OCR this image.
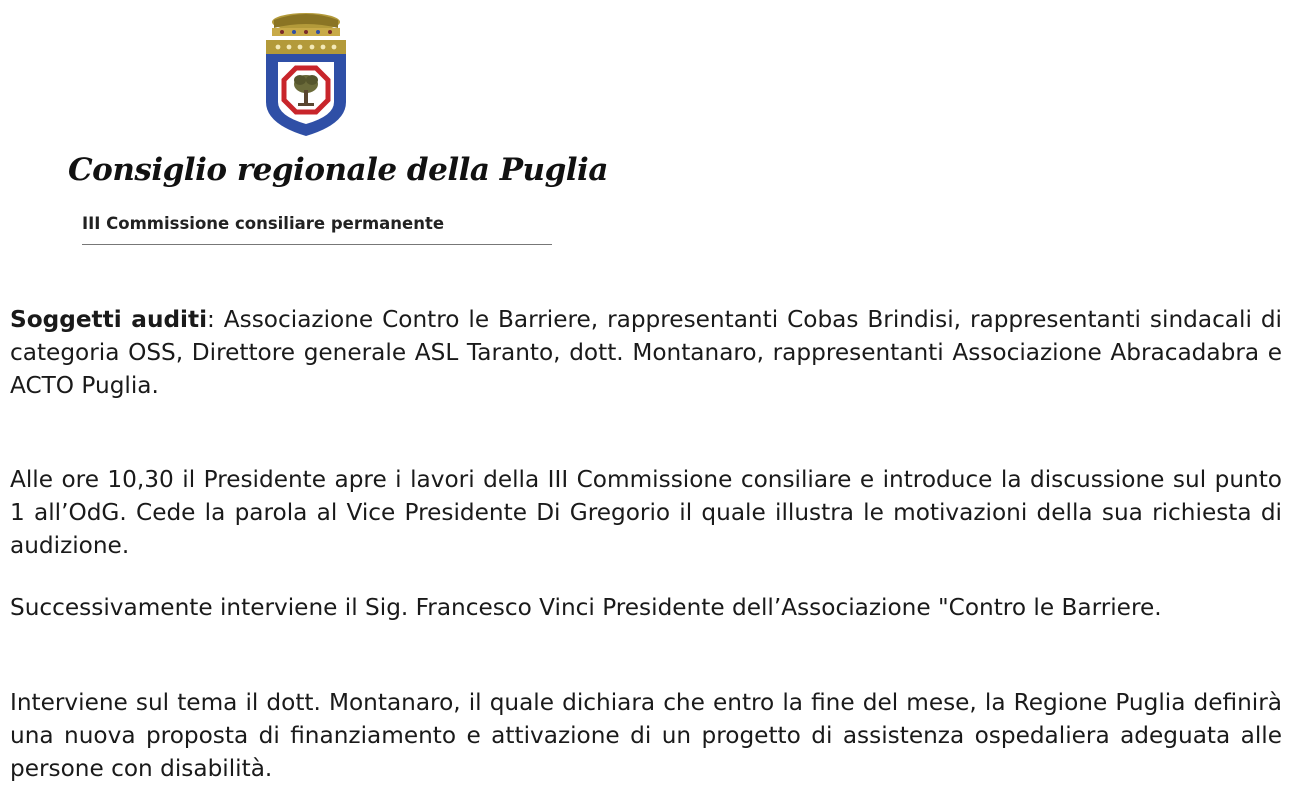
Consiglio regionale della Puglia
III Commissione consiliare permanente

Soggetti auditi: Associazione Contro le Barriere, rappresentanti Cobas Brindisi, rappresentanti sindacali di categoria OSS, Direttore generale ASL Taranto, dott. Montanaro, rappresentanti Associazione Abracadabra e ACTO Puglia.

Alle ore 10,30 il Presidente apre i lavori della III Commissione consiliare e introduce la discussione sul punto 1 all’OdG. Cede la parola al Vice Presidente Di Gregorio il quale illustra le motivazioni della sua richiesta di audizione.

Successivamente interviene il Sig. Francesco Vinci Presidente dell’Associazione "Contro le Barriere.

Interviene sul tema il dott. Montanaro, il quale dichiara che entro la fine del mese, la Regione Puglia definirà una nuova proposta di finanziamento e attivazione di un progetto di assistenza ospedaliera adeguata alle persone con disabilità.
